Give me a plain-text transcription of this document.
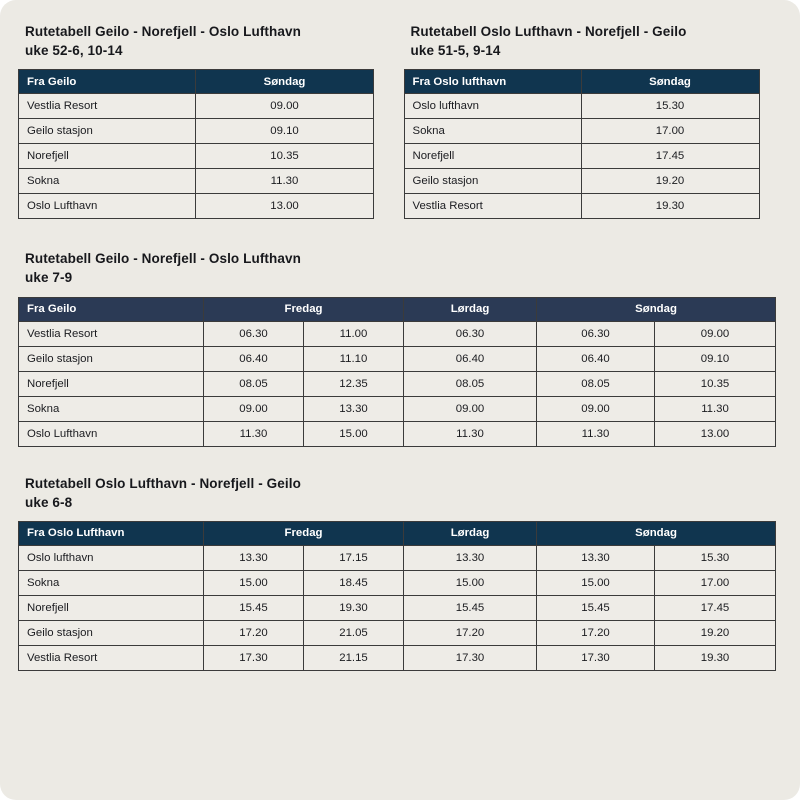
Rutetabell Geilo - Norefjell - Oslo Lufthavn
uke 52-6, 10-14
Fra Geilo	Søndag
Vestlia Resort	09.00
Geilo stasjon	09.10
Norefjell	10.35
Sokna	11.30
Oslo Lufthavn	13.00
Rutetabell Oslo Lufthavn - Norefjell - Geilo
uke 51-5, 9-14
Fra Oslo lufthavn	Søndag
Oslo lufthavn	15.30
Sokna	17.00
Norefjell	17.45
Geilo stasjon	19.20
Vestlia Resort	19.30
Rutetabell Geilo - Norefjell - Oslo Lufthavn
uke 7-9
Fra Geilo	Fredag		Lørdag	Søndag	
Vestlia Resort	06.30	11.00	06.30	06.30	09.00
Geilo stasjon	06.40	11.10	06.40	06.40	09.10
Norefjell	08.05	12.35	08.05	08.05	10.35
Sokna	09.00	13.30	09.00	09.00	11.30
Oslo Lufthavn	11.30	15.00	11.30	11.30	13.00
Rutetabell Oslo Lufthavn - Norefjell - Geilo
uke 6-8
Fra Oslo Lufthavn	Fredag		Lørdag	Søndag	
Oslo lufthavn	13.30	17.15	13.30	13.30	15.30
Sokna	15.00	18.45	15.00	15.00	17.00
Norefjell	15.45	19.30	15.45	15.45	17.45
Geilo stasjon	17.20	21.05	17.20	17.20	19.20
Vestlia Resort	17.30	21.15	17.30	17.30	19.30
